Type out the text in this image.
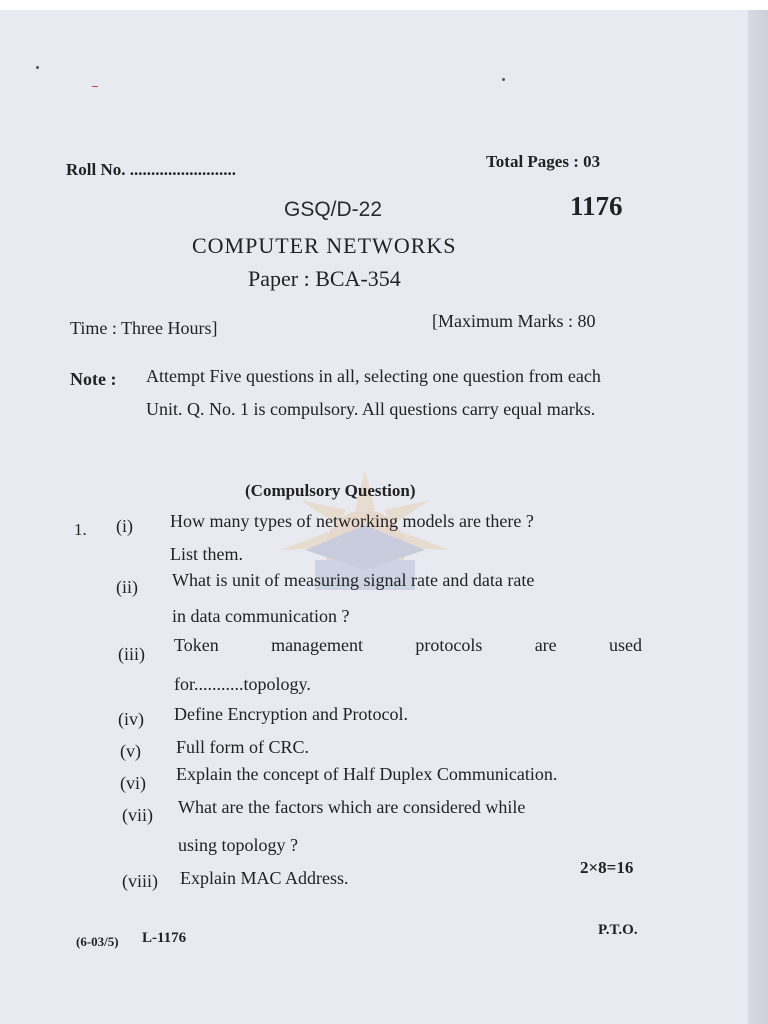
Roll No. .........................	Total Pages : 03
GSQ/D-22	1176
COMPUTER NETWORKS
Paper : BCA-354
Time : Three Hours]	[Maximum Marks : 80
Note : Attempt Five questions in all, selecting one question from each Unit. Q. No. 1 is compulsory. All questions carry equal marks.
(Compulsory Question)
1. (i) How many types of networking models are there ?
List them.
(ii) What is unit of measuring signal rate and data rate
in data communication ?
(iii) Token	management	protocols	are	used
for...........topology.
(iv) Define Encryption and Protocol.
(v) Full form of CRC.
(vi) Explain the concept of Half Duplex Communication.
(vii) What are the factors which are considered while
using topology ?
(viii) Explain MAC Address.
2×8=16
(6-03/5) L-1176	P.T.O.
